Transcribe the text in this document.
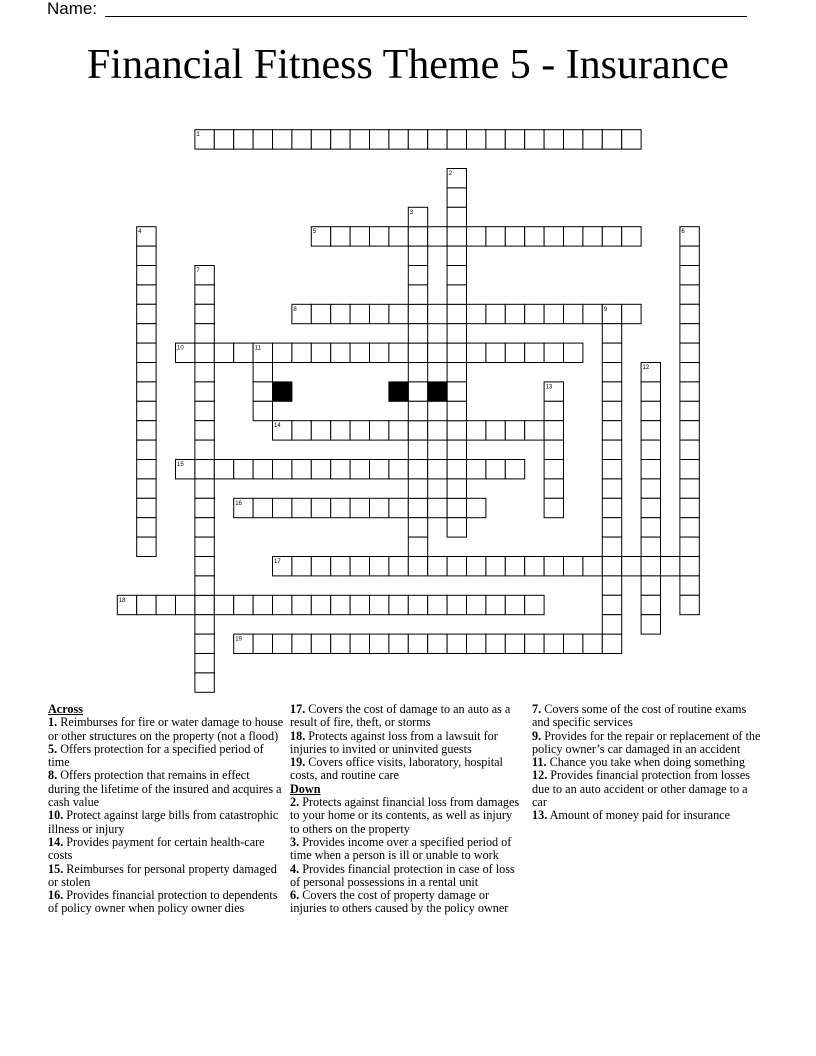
Name:
Financial Fitness Theme 5 - Insurance
1
5
8
10
14
15
16
17
18
19
2
3
4	6
7
9
11
12
13
Across
1. Reimburses for fire or water damage to house or other structures on the property (not a flood)
5. Offers protection for a specified period of time
8. Offers protection that remains in effect during the lifetime of the insured and acquires a cash value
10. Protect against large bills from catastrophic illness or injury
14. Provides payment for certain health-care costs
15. Reimburses for personal property damaged or stolen
16. Provides financial protection to dependents of policy owner when policy owner dies
17. Covers the cost of damage to an auto as a result of fire, theft, or storms
18. Protects against loss from a lawsuit for injuries to invited or uninvited guests
19. Covers office visits, laboratory, hospital costs, and routine care
Down
2. Protects against financial loss from damages to your home or its contents, as well as injury to others on the property
3. Provides income over a specified period of time when a person is ill or unable to work
4. Provides financial protection in case of loss of personal possessions in a rental unit
6. Covers the cost of property damage or injuries to others caused by the policy owner
7. Covers some of the cost of routine exams and specific services
9. Provides for the repair or replacement of the policy owner’s car damaged in an accident
11. Chance you take when doing something
12. Provides financial protection from losses due to an auto accident or other damage to a car
13. Amount of money paid for insurance
